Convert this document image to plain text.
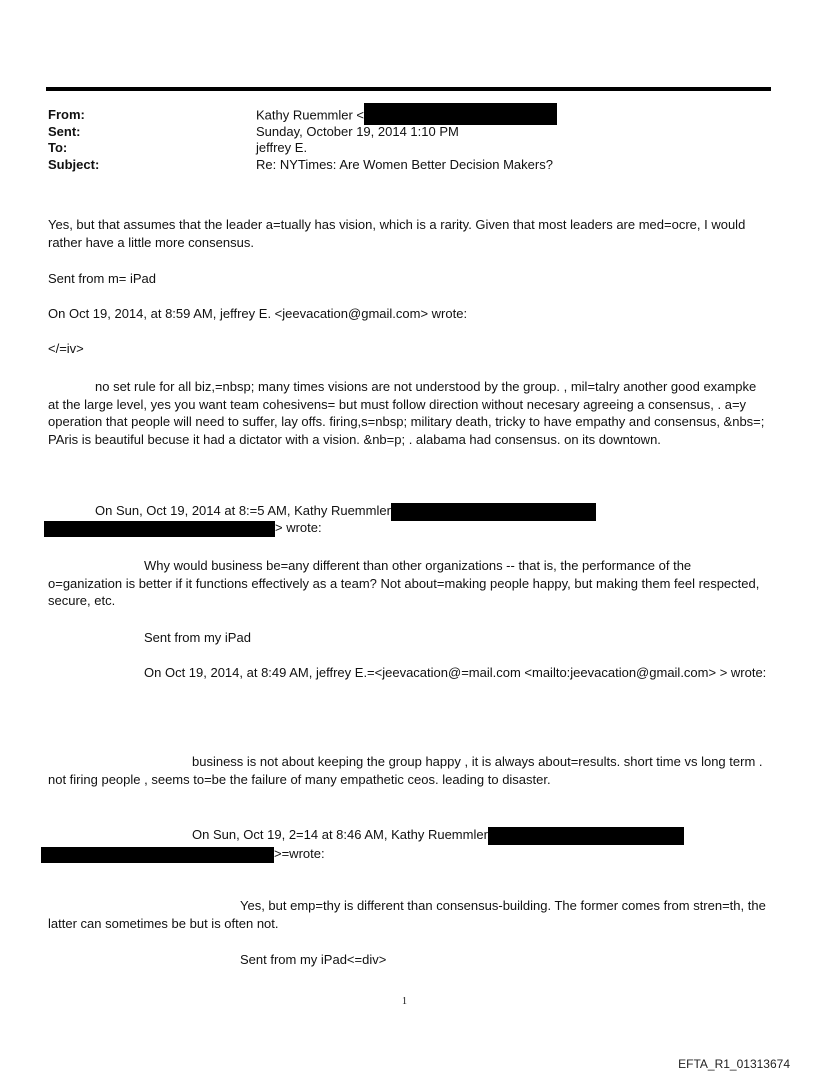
From:	Kathy Ruemmler <
Sent:	Sunday, October 19, 2014 1:10 PM
To:	jeffrey E.
Subject:	Re: NYTimes: Are Women Better Decision Makers?
Yes, but that assumes that the leader a=tually has vision, which is a rarity. Given that most leaders are med=ocre, I would rather have a little more consensus.
Sent from m= iPad
On Oct 19, 2014, at 8:59 AM, jeffrey E. <jeevacation@gmail.com> wrote:
</=iv>
no set rule for all biz,=nbsp; many times visions are not understood by the group. , mil=talry another good exampke at the large level, yes you want team cohesivens= but must follow direction without necesary agreeing a consensus, . a=y operation that people will need to suffer, lay offs. firing,s=nbsp; military death, tricky to have empathy and consensus, &nbs=; PAris is beautiful becuse it had a dictator with a vision. &nb=p; . alabama had consensus. on its downtown.
On Sun, Oct 19, 2014 at 8:=5 AM, Kathy Ruemmler
> wrote:
Why would business be=any different than other organizations -- that is, the performance of the o=ganization is better if it functions effectively as a team? Not about=making people happy, but making them feel respected, secure, etc.
Sent from my iPad
On Oct 19, 2014, at 8:49 AM, jeffrey E.=<jeevacation@=mail.com <mailto:jeevacation@gmail.com> > wrote:
business is not about keeping the group happy , it is always about=results. short time vs long term . not firing people , seems to=be the failure of many empathetic ceos. leading to disaster.
On Sun, Oct 19, 2=14 at 8:46 AM, Kathy Ruemmler
>=wrote:
Yes, but emp=thy is different than consensus-building. The former comes from stren=th, the latter can sometimes be but is often not.
Sent from my iPad<=div>
1
EFTA_R1_01313674
